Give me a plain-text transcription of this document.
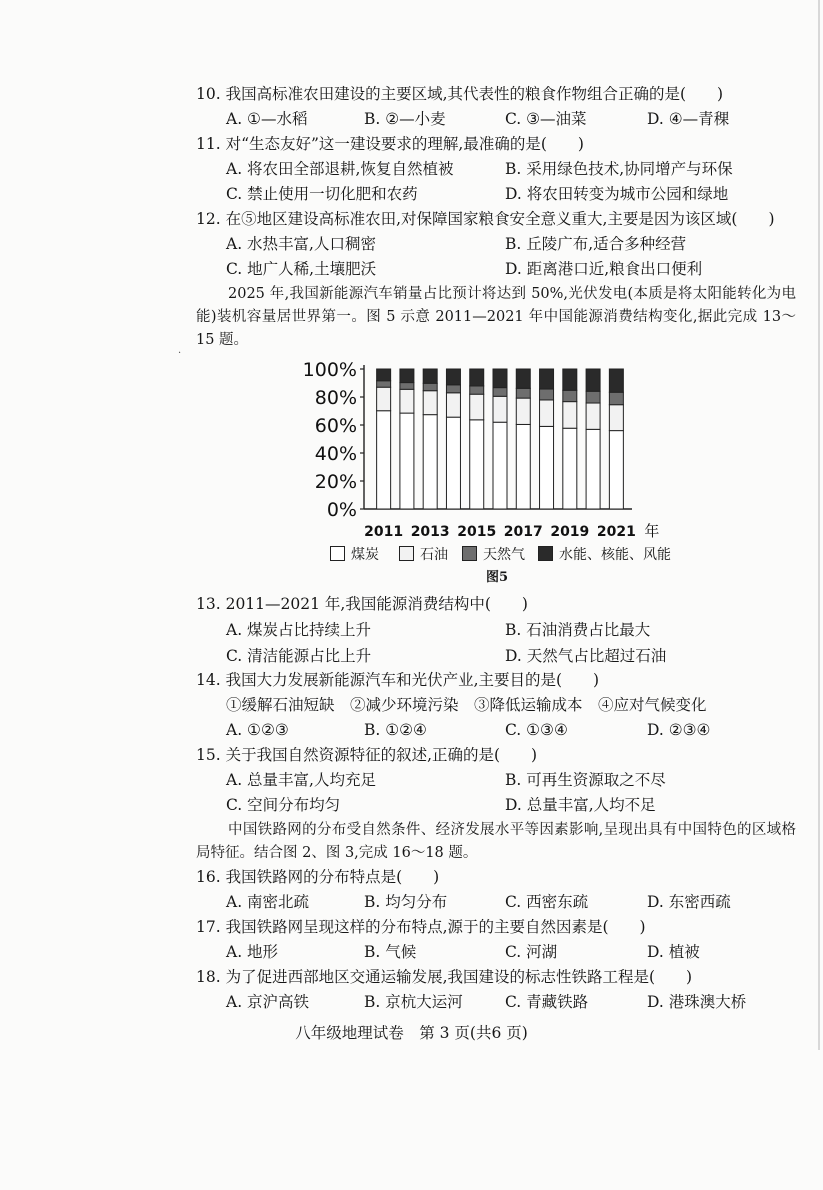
10. 我国高标准农田建设的主要区域,其代表性的粮食作物组合正确的是(　　)
A. ①—水稻	B. ②—小麦	C. ③—油菜	D. ④—青稞
11. 对“生态友好”这一建设要求的理解,最准确的是(　　)
A. 将农田全部退耕,恢复自然植被	B. 采用绿色技术,协同增产与环保
C. 禁止使用一切化肥和农药	D. 将农田转变为城市公园和绿地
12. 在⑤地区建设高标准农田,对保障国家粮食安全意义重大,主要是因为该区域(　　)
A. 水热丰富,人口稠密	B. 丘陵广布,适合多种经营
C. 地广人稀,土壤肥沃	D. 距离港口近,粮食出口便利
2025 年,我国新能源汽车销量占比预计将达到 50%,光伏发电(本质是将太阳能转化为电能)装机容量居世界第一。图 5 示意 2011—2021 年中国能源消费结构变化,据此完成 13～15 题。
·
0%
20%
40%
60%
80%
100%
2011 2013 2015 2017 2019 2021 年
煤炭	石油	天然气	水能、核能、风能
图5
13. 2011—2021 年,我国能源消费结构中(　　)
A. 煤炭占比持续上升	B. 石油消费占比最大
C. 清洁能源占比上升	D. 天然气占比超过石油
14. 我国大力发展新能源汽车和光伏产业,主要目的是(　　)
①缓解石油短缺　②减少环境污染　③降低运输成本　④应对气候变化
A. ①②③	B. ①②④	C. ①③④	D. ②③④
15. 关于我国自然资源特征的叙述,正确的是(　　)
A. 总量丰富,人均充足	B. 可再生资源取之不尽
C. 空间分布均匀	D. 总量丰富,人均不足
中国铁路网的分布受自然条件、经济发展水平等因素影响,呈现出具有中国特色的区域格局特征。结合图 2、图 3,完成 16～18 题。
16. 我国铁路网的分布特点是(　　)
A. 南密北疏	B. 均匀分布	C. 西密东疏	D. 东密西疏
17. 我国铁路网呈现这样的分布特点,源于的主要自然因素是(　　)
A. 地形	B. 气候	C. 河湖	D. 植被
18. 为了促进西部地区交通运输发展,我国建设的标志性铁路工程是(　　)
A. 京沪高铁	B. 京杭大运河	C. 青藏铁路	D. 港珠澳大桥
八年级地理试卷　第 3 页(共6 页)
